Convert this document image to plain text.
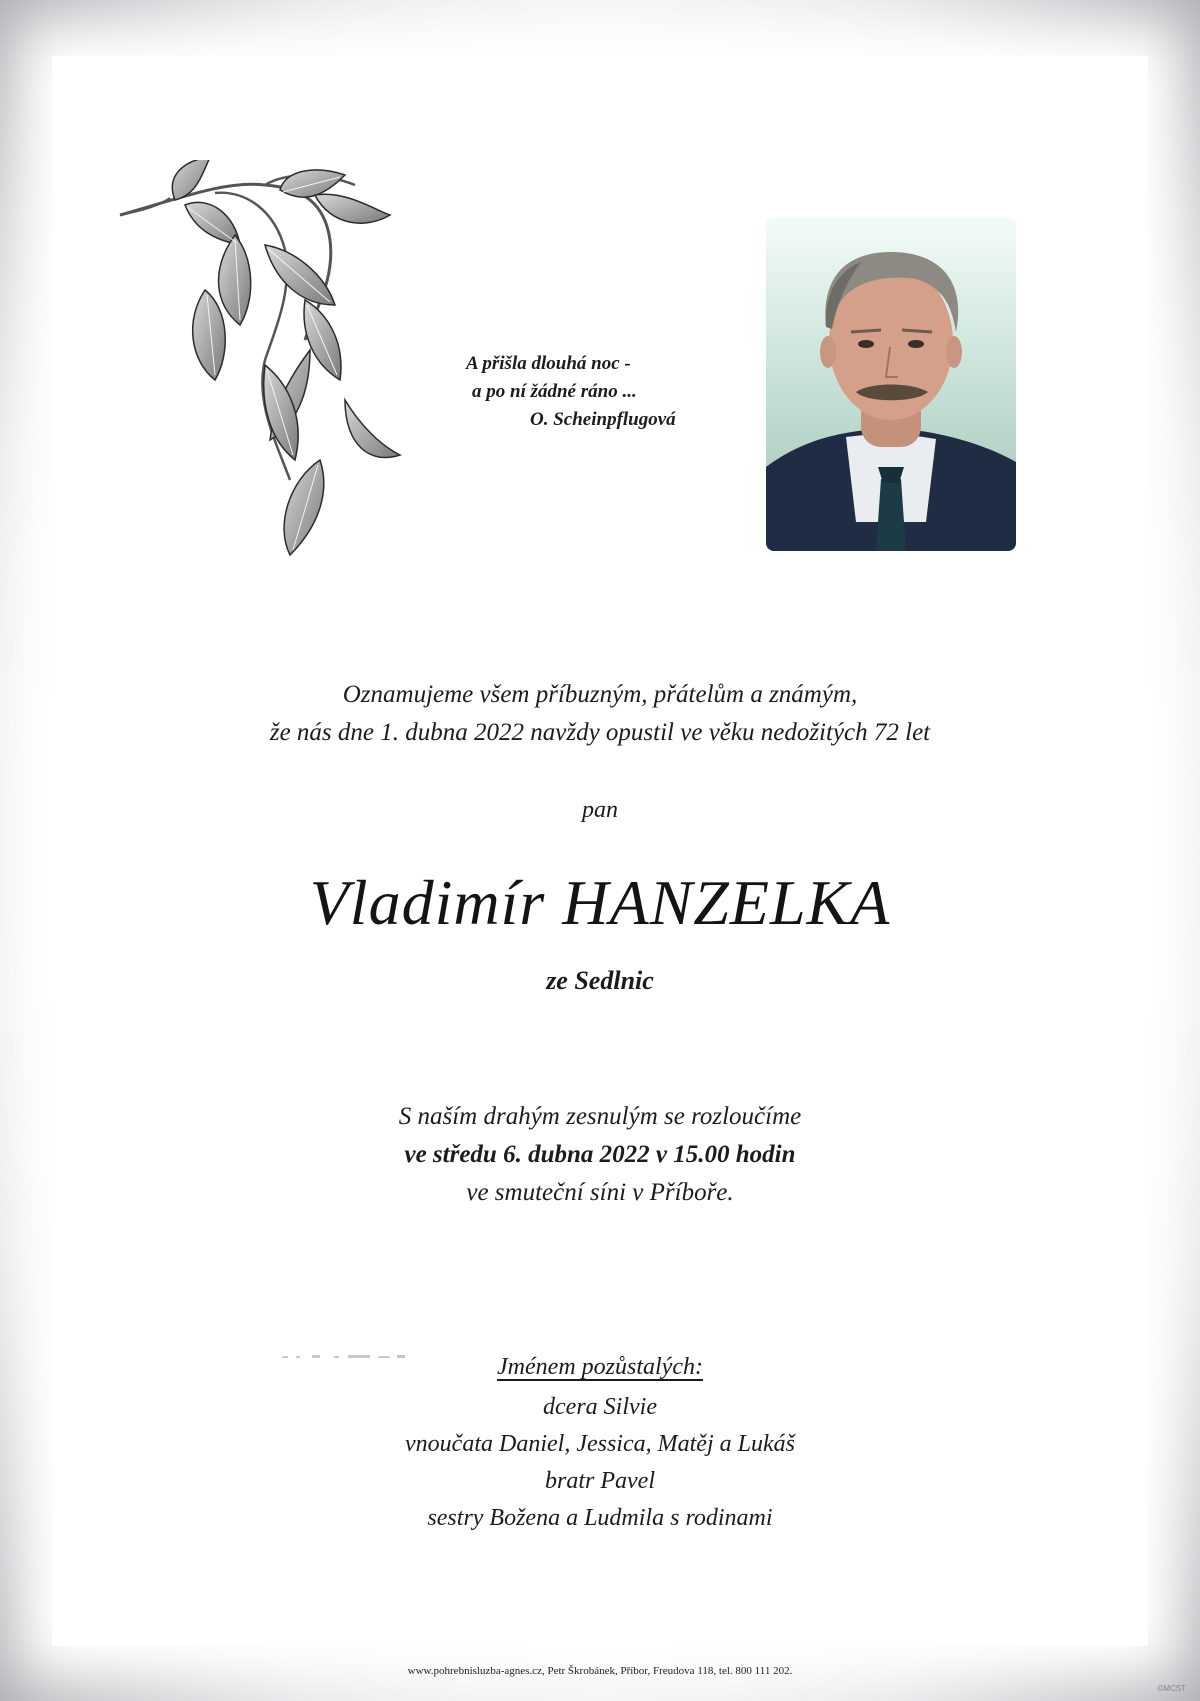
A přišla dlouhá noc -
a po ní žádné ráno ...
O. Scheinpflugová
Oznamujeme všem příbuzným, přátelům a známým,
že nás dne 1. dubna 2022 navždy opustil ve věku nedožitých 72 let
pan
Vladimír HANZELKA
ze Sedlnic
S naším drahým zesnulým se rozloučíme
ve středu 6. dubna 2022 v 15.00 hodin
ve smuteční síni v Příboře.
Jménem pozůstalých:
dcera Silvie
vnoučata Daniel, Jessica, Matěj a Lukáš
bratr Pavel
sestry Božena a Ludmila s rodinami
www.pohrebnisluzba-agnes.cz, Petr Škrobánek, Příbor, Freudova 118, tel. 800 111 202.
©MCST
